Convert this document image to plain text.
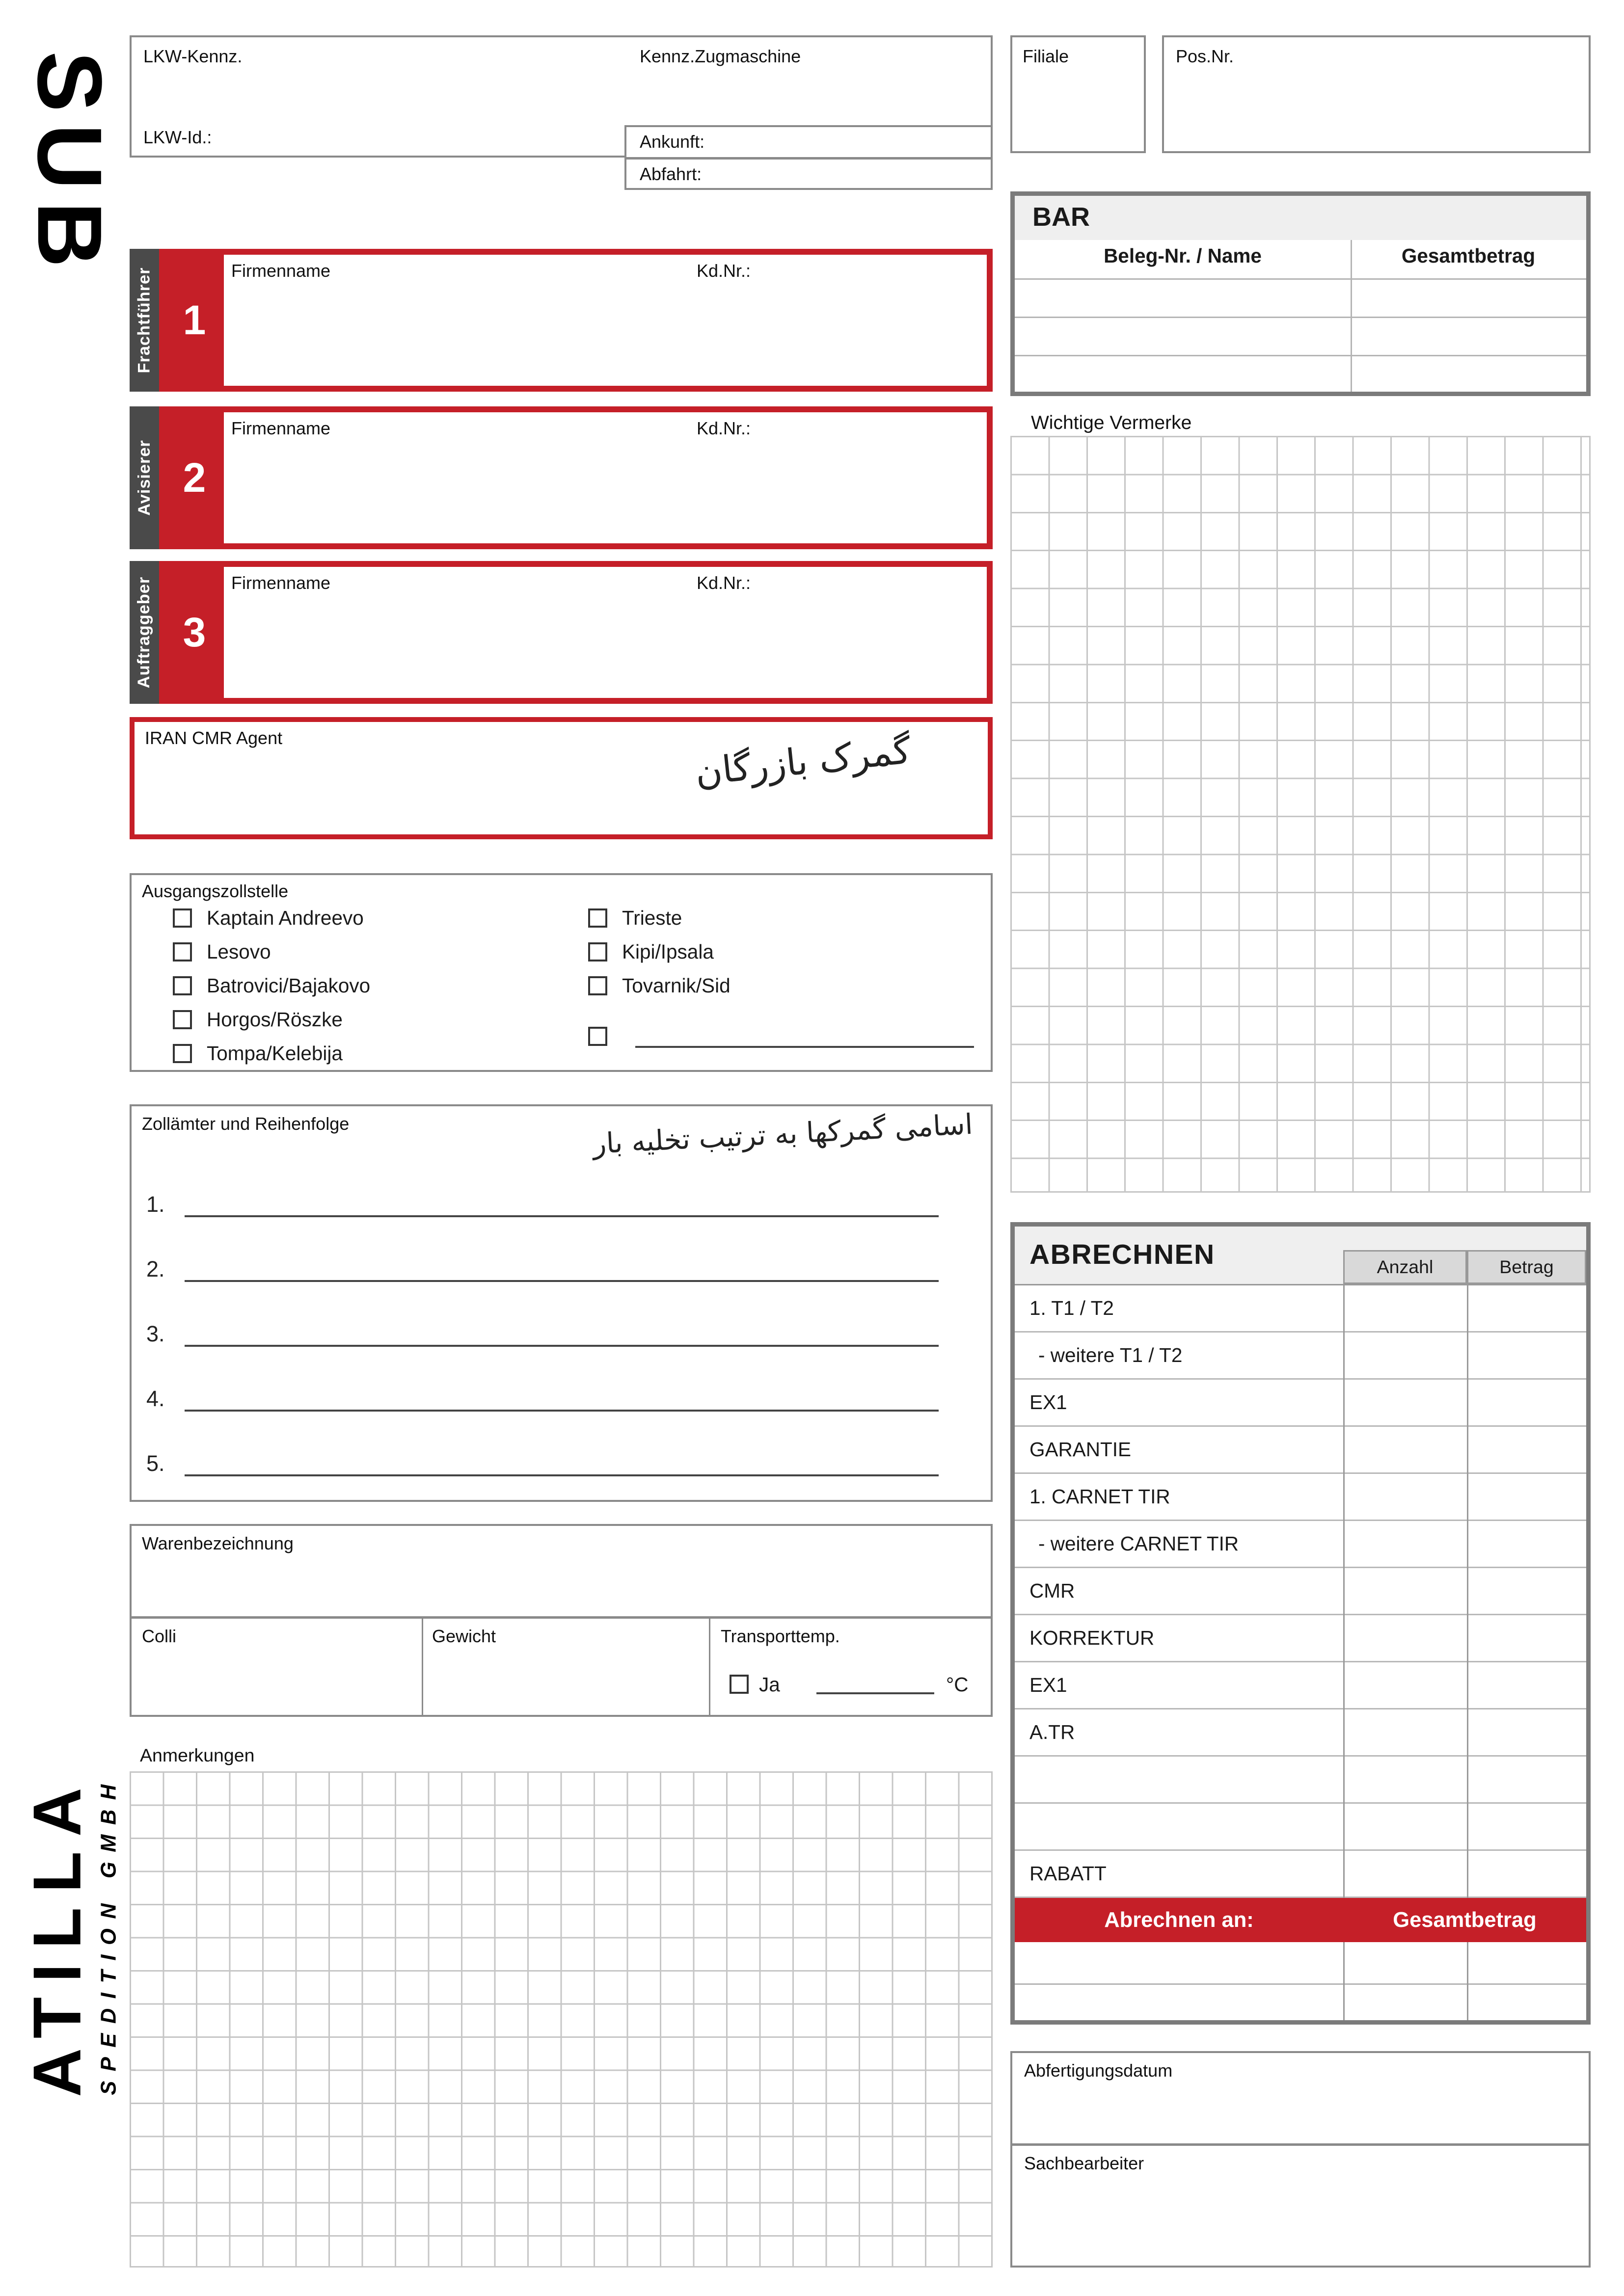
SUB
ATILLA SPEDITION GMBH
LKW-Kennz.	Kennz.Zugmaschine
LKW-Id.:	Ankunft:
Abfahrt:
Filiale	Pos.Nr.
BAR
Beleg-Nr. / Name	Gesamtbetrag
Wichtige Vermerke
Frachtführer 1
Firmenname	Kd.Nr.:
Avisierer 2
Firmenname	Kd.Nr.:
Auftraggeber 3
Firmenname	Kd.Nr.:
IRAN CMR Agent	گمرک بازرگان
Ausgangszollstelle
Kaptain Andreevo
Lesovo
Batrovici/Bajakovo
Horgos/Röszke
Tompa/Kelebija
Trieste
Kipi/Ipsala
Tovarnik/Sid
Zollämter und Reihenfolge	اسامی گمرکها به ترتیب تخلیه بار
1.
2.
3.
4.
5.
Warenbezeichnung
Colli	Gewicht	Transporttemp.
Ja	°C
Anmerkungen
ABRECHNEN	Anzahl	Betrag
1. T1 / T2
- weitere T1 / T2
EX1
GARANTIE
1. CARNET TIR
- weitere CARNET TIR
CMR
KORREKTUR
EX1
A.TR
RABATT
Abrechnen an:	Gesamtbetrag
Abfertigungsdatum
Sachbearbeiter
